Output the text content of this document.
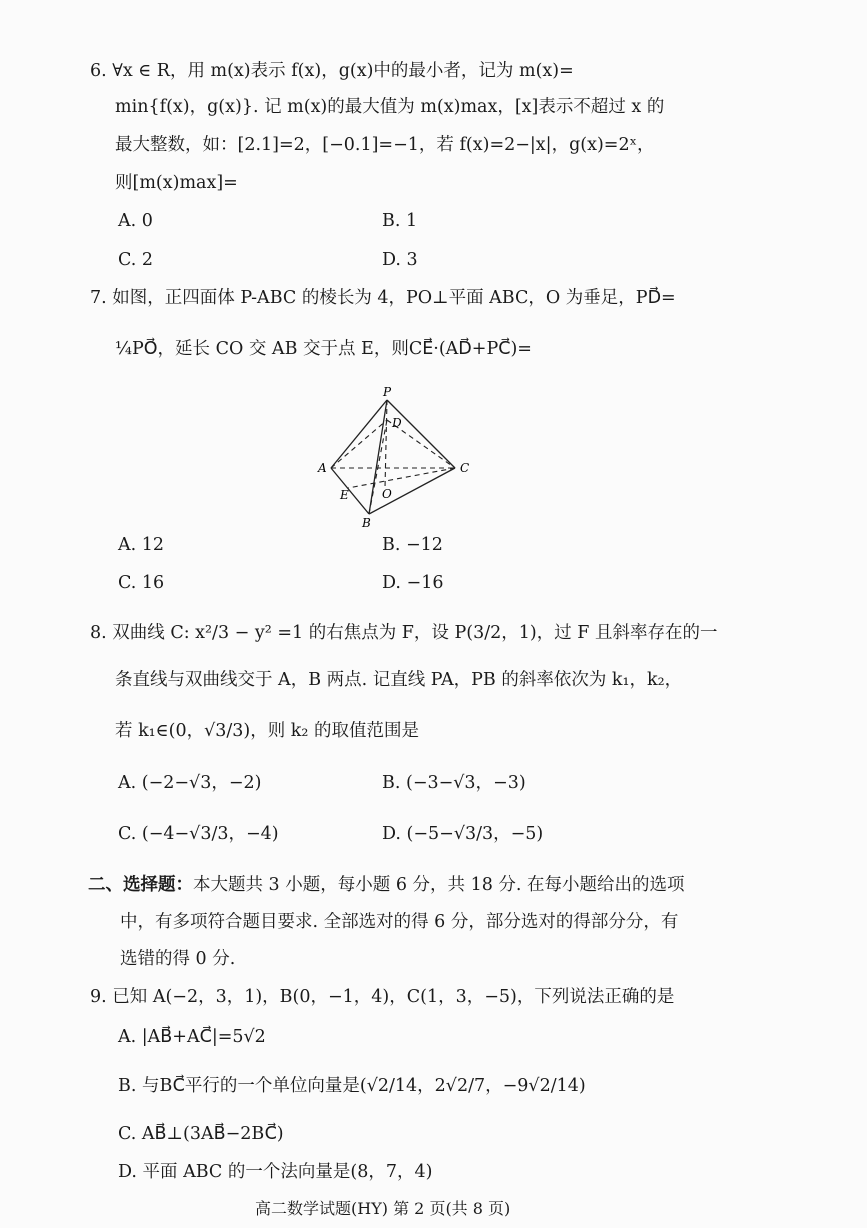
6. ∀x ∈ R，用 m(x)表示 f(x)，g(x)中的最小者，记为 m(x)=
min{f(x)，g(x)}. 记 m(x)的最大值为 m(x)max，[x]表示不超过 x 的
最大整数，如：[2.1]=2，[−0.1]=−1，若 f(x)=2−|x|，g(x)=2ˣ，
则[m(x)max]=
A. 0	B. 1
C. 2	D. 3
7. 如图，正四面体 P-ABC 的棱长为 4，PO⊥平面 ABC，O 为垂足，PD⃗=
¼PO⃗，延长 CO 交 AB 交于点 E，则CE⃗·(AD⃗+PC⃗)=
P
D
A	C
E	O
B
A. 12	B. −12
C. 16	D. −16
8. 双曲线 C: x²/3 − y² =1 的右焦点为 F，设 P(3/2，1)，过 F 且斜率存在的一
条直线与双曲线交于 A，B 两点. 记直线 PA，PB 的斜率依次为 k₁，k₂，
若 k₁∈(0，√3/3)，则 k₂ 的取值范围是
A. (−2−√3，−2)	B. (−3−√3，−3)
C. (−4−√3/3，−4)	D. (−5−√3/3，−5)
二、选择题：本大题共 3 小题，每小题 6 分，共 18 分. 在每小题给出的选项
中，有多项符合题目要求. 全部选对的得 6 分，部分选对的得部分分，有
选错的得 0 分.
9. 已知 A(−2，3，1)，B(0，−1，4)，C(1，3，−5)，下列说法正确的是
A. |AB⃗+AC⃗|=5√2
B. 与BC⃗平行的一个单位向量是(√2/14，2√2/7，−9√2/14)
C. AB⃗⊥(3AB⃗−2BC⃗)
D. 平面 ABC 的一个法向量是(8，7，4)
高二数学试题(HY) 第 2 页(共 8 页)
